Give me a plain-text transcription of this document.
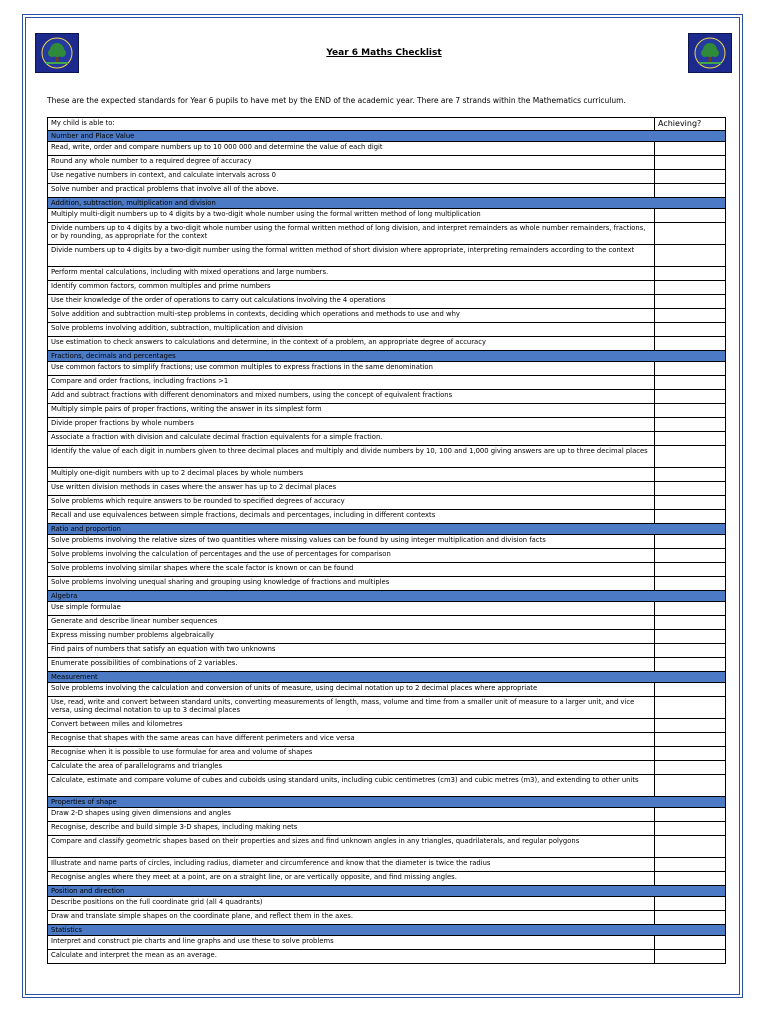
Year 6 Maths Checklist
These are the expected standards for Year 6 pupils to have met by the END of the academic year. There are 7 strands within the Mathematics curriculum.
My child is able to:	Achieving?
Number and Place Value	
Read, write, order and compare numbers up to 10 000 000 and determine the value of each digit	
Round any whole number to a required degree of accuracy	
Use negative numbers in context, and calculate intervals across 0	
Solve number and practical problems that involve all of the above.	
Addition, subtraction, multiplication and division	
Multiply multi-digit numbers up to 4 digits by a two-digit whole number using the formal written method of long multiplication	
Divide numbers up to 4 digits by a two-digit whole number using the formal written method of long division, and interpret remainders as whole number remainders, fractions, or by rounding, as appropriate for the context	
Divide numbers up to 4 digits by a two-digit number using the formal written method of short division where appropriate, interpreting remainders according to the context	
Perform mental calculations, including with mixed operations and large numbers.	
Identify common factors, common multiples and prime numbers	
Use their knowledge of the order of operations to carry out calculations involving the 4 operations	
Solve addition and subtraction multi-step problems in contexts, deciding which operations and methods to use and why	
Solve problems involving addition, subtraction, multiplication and division	
Use estimation to check answers to calculations and determine, in the context of a problem, an appropriate degree of accuracy	
Fractions, decimals and percentages	
Use common factors to simplify fractions; use common multiples to express fractions in the same denomination	
Compare and order fractions, including fractions >1	
Add and subtract fractions with different denominators and mixed numbers, using the concept of equivalent fractions	
Multiply simple pairs of proper fractions, writing the answer in its simplest form	
Divide proper fractions by whole numbers	
Associate a fraction with division and calculate decimal fraction equivalents for a simple fraction.	
Identify the value of each digit in numbers given to three decimal places and multiply and divide numbers by 10, 100 and 1,000 giving answers are up to three decimal places	
Multiply one-digit numbers with up to 2 decimal places by whole numbers	
Use written division methods in cases where the answer has up to 2 decimal places	
Solve problems which require answers to be rounded to specified degrees of accuracy	
Recall and use equivalences between simple fractions, decimals and percentages, including in different contexts	
Ratio and proportion	
Solve problems involving the relative sizes of two quantities where missing values can be found by using integer multiplication and division facts	
Solve problems involving the calculation of percentages and the use of percentages for comparison	
Solve problems involving similar shapes where the scale factor is known or can be found	
Solve problems involving unequal sharing and grouping using knowledge of fractions and multiples	
Algebra	
Use simple formulae	
Generate and describe linear number sequences	
Express missing number problems algebraically	
Find pairs of numbers that satisfy an equation with two unknowns	
Enumerate possibilities of combinations of 2 variables.	
Measurement	
Solve problems involving the calculation and conversion of units of measure, using decimal notation up to 2 decimal places where appropriate	
Use, read, write and convert between standard units, converting measurements of length, mass, volume and time from a smaller unit of measure to a larger unit, and vice versa, using decimal notation to up to 3 decimal places	
Convert between miles and kilometres	
Recognise that shapes with the same areas can have different perimeters and vice versa	
Recognise when it is possible to use formulae for area and volume of shapes	
Calculate the area of parallelograms and triangles	
Calculate, estimate and compare volume of cubes and cuboids using standard units, including cubic centimetres (cm3) and cubic metres (m3), and extending to other units	
Properties of shape	
Draw 2-D shapes using given dimensions and angles	
Recognise, describe and build simple 3-D shapes, including making nets	
Compare and classify geometric shapes based on their properties and sizes and find unknown angles in any triangles, quadrilaterals, and regular polygons	
Illustrate and name parts of circles, including radius, diameter and circumference and know that the diameter is twice the radius	
Recognise angles where they meet at a point, are on a straight line, or are vertically opposite, and find missing angles.	
Position and direction	
Describe positions on the full coordinate grid (all 4 quadrants)	
Draw and translate simple shapes on the coordinate plane, and reflect them in the axes.	
Statistics	
Interpret and construct pie charts and line graphs and use these to solve problems	
Calculate and interpret the mean as an average.	
